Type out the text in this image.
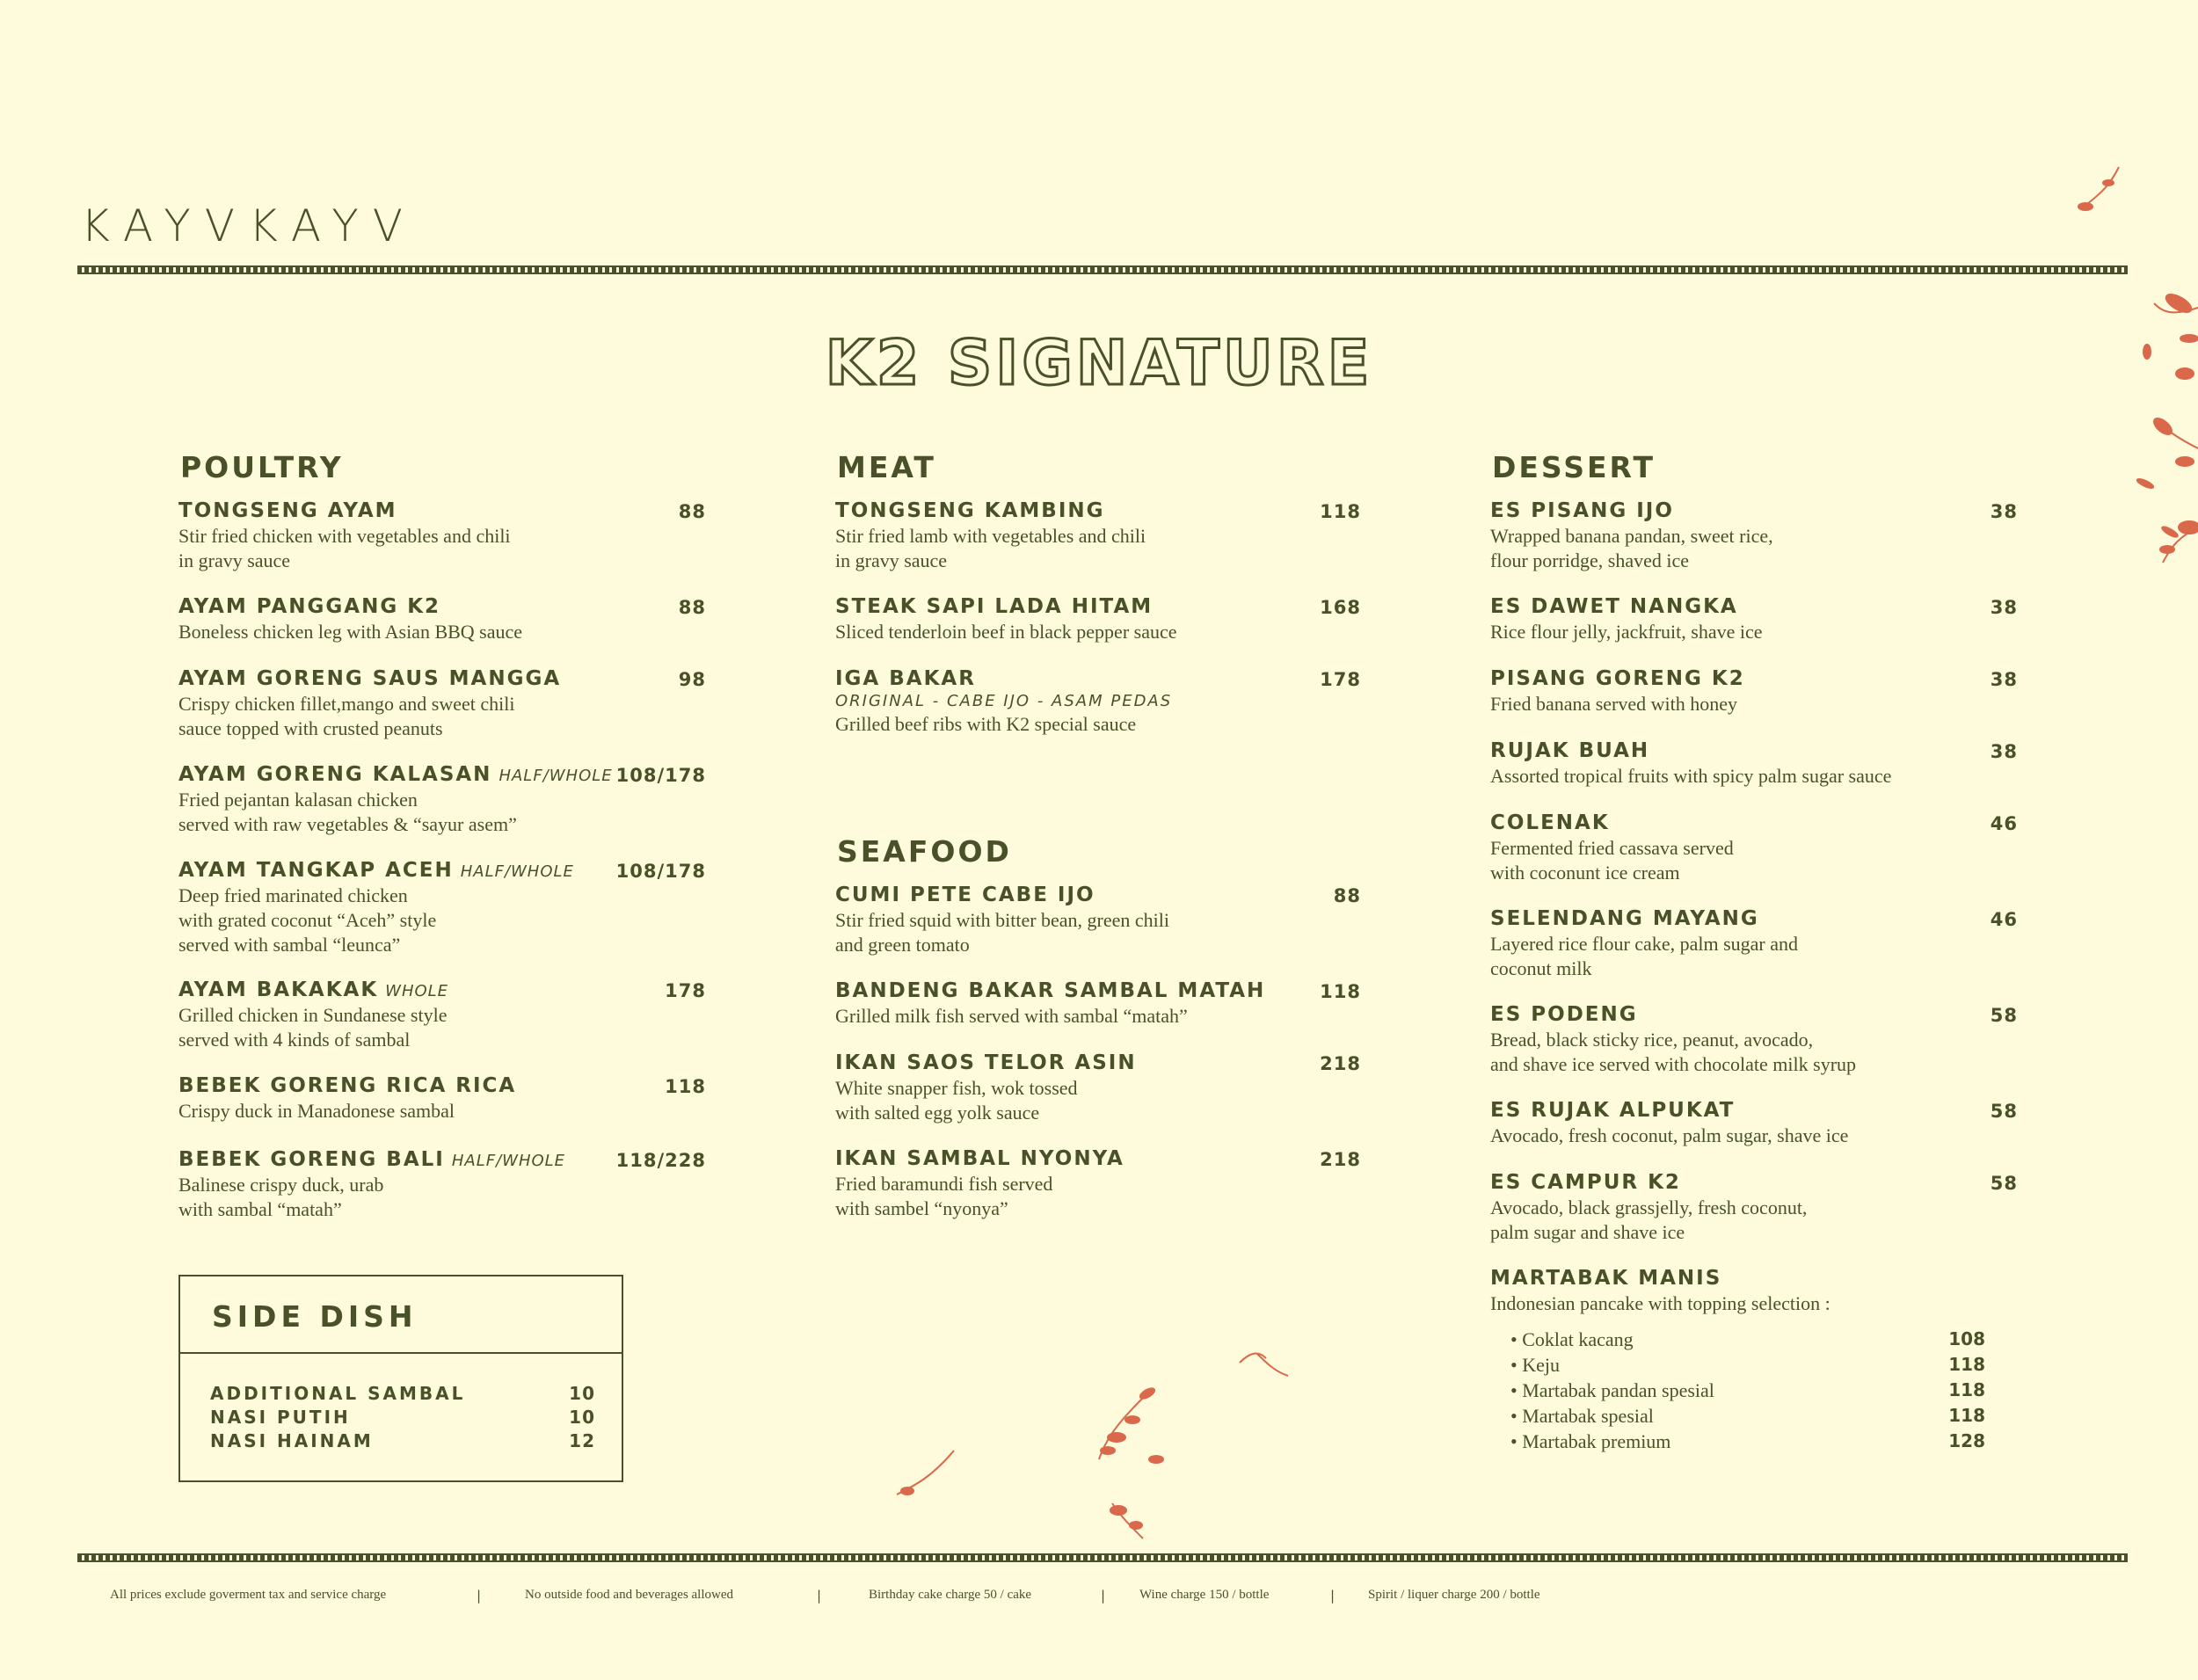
KAYVKAYV
K2 SIGNATURE
POULTRY	MEAT
SEAFOOD
DESSERT
TONGSENG AYAM
Stir fried chicken with vegetables and chili
in gravy sauce
88
AYAM PANGGANG K2
Boneless chicken leg with Asian BBQ sauce
88
AYAM GORENG SAUS MANGGA
Crispy chicken fillet,mango and sweet chili
sauce topped with crusted peanuts
98
AYAM GORENG KALASAN HALF/WHOLE
Fried pejantan kalasan chicken
served with raw vegetables & “sayur asem”
108/178
AYAM TANGKAP ACEH HALF/WHOLE
Deep fried marinated chicken
with grated coconut “Aceh” style
served with sambal “leunca”
108/178
AYAM BAKAKAK WHOLE
Grilled chicken in Sundanese style
served with 4 kinds of sambal
178
BEBEK GORENG RICA RICA
Crispy duck in Manadonese sambal
118
BEBEK GORENG BALI HALF/WHOLE
Balinese crispy duck, urab
with sambal “matah”
118/228
SIDE DISH
ADDITIONAL SAMBAL	10
NASI PUTIH	10
NASI HAINAM	12
TONGSENG KAMBING
Stir fried lamb with vegetables and chili
in gravy sauce
118
STEAK SAPI LADA HITAM
Sliced tenderloin beef in black pepper sauce
168
IGA BAKAR
ORIGINAL - CABE IJO - ASAM PEDAS
Grilled beef ribs with K2 special sauce
178
CUMI PETE CABE IJO
Stir fried squid with bitter bean, green chili
and green tomato
88
BANDENG BAKAR SAMBAL MATAH
Grilled milk fish served with sambal “matah”
118
IKAN SAOS TELOR ASIN
White snapper fish, wok tossed
with salted egg yolk sauce
218
IKAN SAMBAL NYONYA
Fried baramundi fish served
with sambel “nyonya”
218
ES PISANG IJO
Wrapped banana pandan, sweet rice,
flour porridge, shaved ice
38
ES DAWET NANGKA
Rice flour jelly, jackfruit, shave ice
38
PISANG GORENG K2
Fried banana served with honey
38
RUJAK BUAH
Assorted tropical fruits with spicy palm sugar sauce
38
COLENAK
Fermented fried cassava served
with coconunt ice cream
46
SELENDANG MAYANG
Layered rice flour cake, palm sugar and
coconut milk
46
ES PODENG
Bread, black sticky rice, peanut, avocado,
and shave ice served with chocolate milk syrup
58
ES RUJAK ALPUKAT
Avocado, fresh coconut, palm sugar, shave ice
58
ES CAMPUR K2
Avocado, black grassjelly, fresh coconut,
palm sugar and shave ice
58
MARTABAK MANIS
Indonesian pancake with topping selection :
• Coklat kacang	108
• Keju	118
• Martabak pandan spesial	118
• Martabak spesial	118
• Martabak premium	128
All prices exclude goverment tax and service charge	|	No outside food and beverages allowed	|	Birthday cake charge 50 / cake	|	Wine charge 150 / bottle	|	Spirit / liquer charge 200 / bottle
